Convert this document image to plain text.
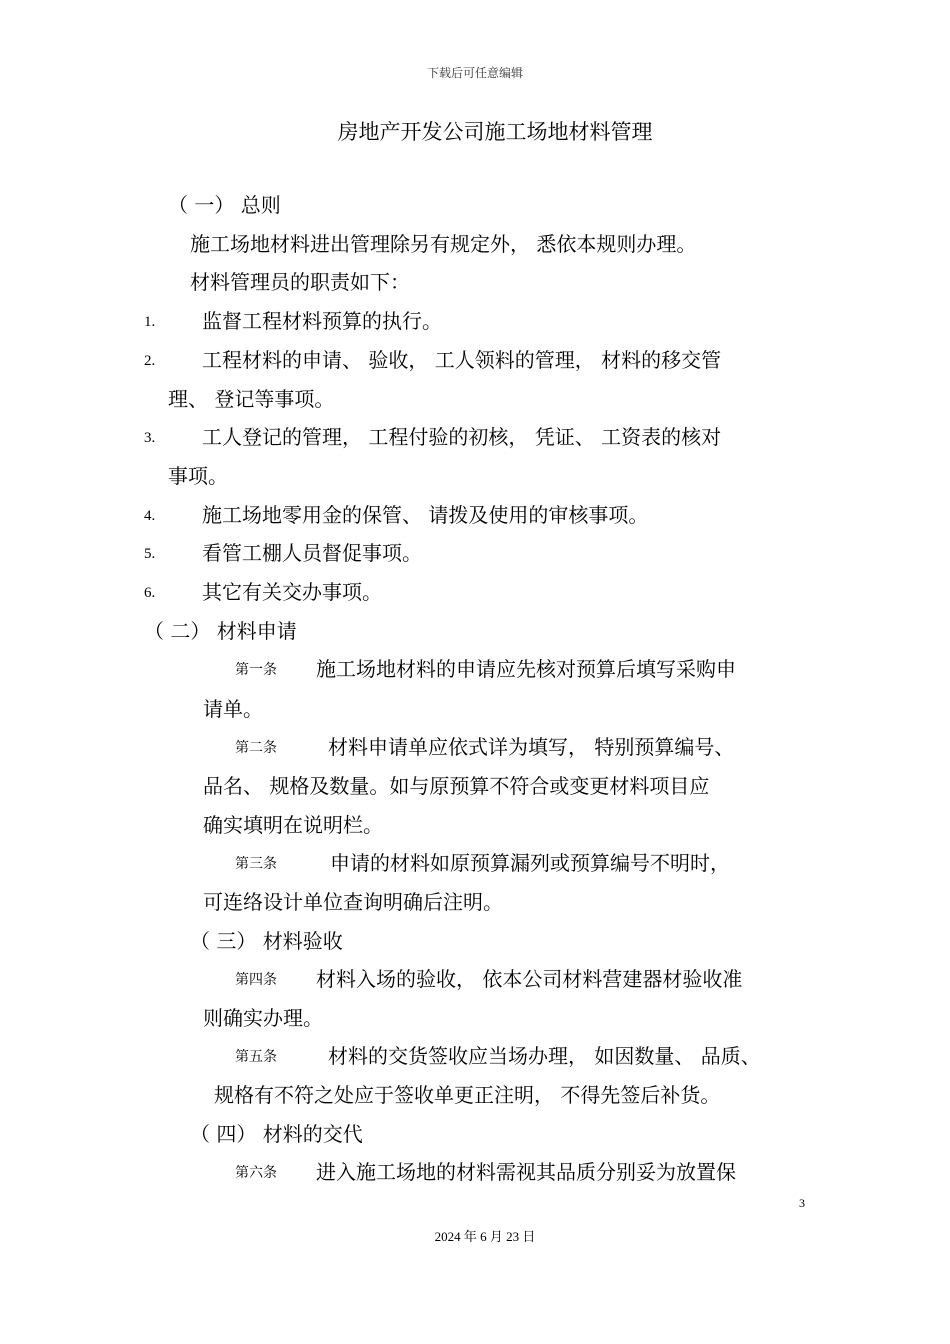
下载后可任意编辑
房地产开发公司施工场地材料管理
（ 一） 总则
施工场地材料进出管理除另有规定外， 悉依本规则办理。
材料管理员的职责如下：
1. 监督工程材料预算的执行。
2. 工程材料的申请、 验收， 工人领料的管理， 材料的移交管
理、 登记等事项。
3. 工人登记的管理， 工程付验的初核， 凭证、 工资表的核对
事项。
4. 施工场地零用金的保管、 请拨及使用的审核事项。
5. 看管工棚人员督促事项。
6. 其它有关交办事项。
（ 二） 材料申请
第一条 施工场地材料的申请应先核对预算后填写采购申
请单。
第二条	材料申请单应依式详为填写， 特别预算编号、
品名、 规格及数量。如与原预算不符合或变更材料项目应
确实填明在说明栏。
第三条	申请的材料如原预算漏列或预算编号不明时，
可连络设计单位查询明确后注明。
（ 三） 材料验收
第四条 材料入场的验收， 依本公司材料营建器材验收准
则确实办理。
第五条	材料的交货签收应当场办理， 如因数量、 品质、
规格有不符之处应于签收单更正注明， 不得先签后补货。
（ 四） 材料的交代
第六条 进入施工场地的材料需视其品质分别妥为放置保
3
2024 年 6 月 23 日
